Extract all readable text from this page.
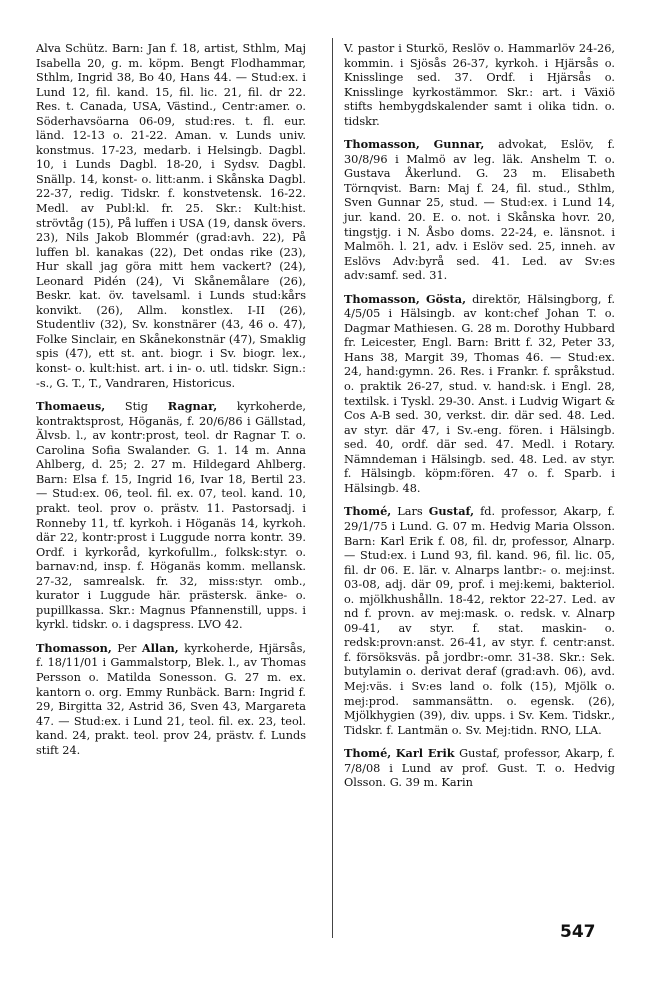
Alva Schütz. Barn: Jan f. 18, artist, Sthlm, Maj Isabella 20, g. m. köpm. Bengt Flodhammar, Sthlm, Ingrid 38, Bo 40, Hans 44. — Stud:ex. i Lund 12, fil. kand. 15, fil. lic. 21, fil. dr 22. Res. t. Canada, USA, Västind., Centr:amer. o. Söderhavsöarna 06-09, stud:res. t. fl. eur. länd. 12-13 o. 21-22. Aman. v. Lunds univ. konstmus. 17-23, medarb. i Helsingb. Dagbl. 10, i Lunds Dagbl. 18-20, i Sydsv. Dagbl. Snällp. 14, konst- o. litt:anm. i Skånska Dagbl. 22-37, redig. Tidskr. f. konstvetensk. 16-22. Medl. av Publ:kl. fr. 25. Skr.: Kult:hist. strövtåg (15), På luffen i USA (19, dansk övers. 23), Nils Jakob Blommér (grad:avh. 22), På luffen bl. kanakas (22), Det ondas rike (23), Hur skall jag göra mitt hem vackert? (24), Leonard Pidén (24), Vi Skånemålare (26), Beskr. kat. öv. tavelsaml. i Lunds stud:kårs konvikt. (26), Allm. konstlex. I-II (26), Studentliv (32), Sv. konstnärer (43, 46 o. 47), Folke Sinclair, en Skånekonstnär (47), Smaklig spis (47), ett st. ant. biogr. i Sv. biogr. lex., konst- o. kult:hist. art. i in- o. utl. tidskr. Sign.: -s., G. T., T., Vandraren, Historicus.

Thomaeus, Stig Ragnar, kyrkoherde, kontraktsprost, Höganäs, f. 20/6/86 i Gällstad, Älvsb. l., av kontr:prost, teol. dr Ragnar T. o. Carolina Sofia Swalander. G. 1. 14 m. Anna Ahlberg, d. 25; 2. 27 m. Hildegard Ahlberg. Barn: Elsa f. 15, Ingrid 16, Ivar 18, Bertil 23. — Stud:ex. 06, teol. fil. ex. 07, teol. kand. 10, prakt. teol. prov o. prästv. 11. Pastorsadj. i Ronneby 11, tf. kyrkoh. i Höganäs 14, kyrkoh. där 22, kontr:prost i Luggude norra kontr. 39. Ordf. i kyrkoråd, kyrkofullm., folksk:styr. o. barnav:nd, insp. f. Höganäs komm. mellansk. 27-32, samrealsk. fr. 32, miss:styr. omb., kurator i Luggude här. prästersk. änke- o. pupillkassa. Skr.: Magnus Pfannenstill, upps. i kyrkl. tidskr. o. i dagspress. LVO 42.

Thomasson, Per Allan, kyrkoherde, Hjärsås, f. 18/11/01 i Gammalstorp, Blek. l., av Thomas Persson o. Matilda Sonesson. G. 27 m. ex. kantorn o. org. Emmy Runbäck. Barn: Ingrid f. 29, Birgitta 32, Astrid 36, Sven 43, Margareta 47. — Stud:ex. i Lund 21, teol. fil. ex. 23, teol. kand. 24, prakt. teol. prov 24, prästv. f. Lunds stift 24.

V. pastor i Sturkö, Reslöv o. Hammarlöv 24-26, kommin. i Sjösås 26-37, kyrkoh. i Hjärsås o. Knisslinge sed. 37. Ordf. i Hjärsås o. Knisslinge kyrkostämmor. Skr.: art. i Växiö stifts hembygdskalender samt i olika tidn. o. tidskr.

Thomasson, Gunnar, advokat, Eslöv, f. 30/8/96 i Malmö av leg. läk. Anshelm T. o. Gustava Åkerlund. G. 23 m. Elisabeth Törnqvist. Barn: Maj f. 24, fil. stud., Sthlm, Sven Gunnar 25, stud. — Stud:ex. i Lund 14, jur. kand. 20. E. o. not. i Skånska hovr. 20, tingstjg. i N. Åsbo doms. 22-24, e. länsnot. i Malmöh. l. 21, adv. i Eslöv sed. 25, inneh. av Eslövs Adv:byrå sed. 41. Led. av Sv:es adv:samf. sed. 31.

Thomasson, Gösta, direktör, Hälsingborg, f. 4/5/05 i Hälsingb. av kont:chef Johan T. o. Dagmar Mathiesen. G. 28 m. Dorothy Hubbard fr. Leicester, Engl. Barn: Britt f. 32, Peter 33, Hans 38, Margit 39, Thomas 46. — Stud:ex. 24, hand:gymn. 26. Res. i Frankr. f. språkstud. o. praktik 26-27, stud. v. hand:sk. i Engl. 28, textilsk. i Tyskl. 29-30. Anst. i Ludvig Wigart & Cos A-B sed. 30, verkst. dir. där sed. 48. Led. av styr. där 47, i Sv.-eng. fören. i Hälsingb. sed. 40, ordf. där sed. 47. Medl. i Rotary. Nämndeman i Hälsingb. sed. 48. Led. av styr. f. Hälsingb. köpm:fören. 47 o. f. Sparb. i Hälsingb. 48.

Thomé, Lars Gustaf, fd. professor, Akarp, f. 29/1/75 i Lund. G. 07 m. Hedvig Maria Olsson. Barn: Karl Erik f. 08, fil. dr, professor, Alnarp. — Stud:ex. i Lund 93, fil. kand. 96, fil. lic. 05, fil. dr 06. E. lär. v. Alnarps lantbr:- o. mej:inst. 03-08, adj. där 09, prof. i mej:kemi, bakteriol. o. mjölkhushålln. 18-42, rektor 22-27. Led. av nd f. provn. av mej:mask. o. redsk. v. Alnarp 09-41, av styr. f. stat. maskin- o. redsk:provn:anst. 26-41, av styr. f. centr:anst. f. försöksväs. på jordbr:-omr. 31-38. Skr.: Sek. butylamin o. derivat deraf (grad:avh. 06), avd. Mej:väs. i Sv:es land o. folk (15), Mjölk o. mej:prod. sammansättn. o. egensk. (26), Mjölkhygien (39), div. upps. i Sv. Kem. Tidskr., Tidskr. f. Lantmän o. Sv. Mej:tidn. RNO, LLA.

Thomé, Karl Erik Gustaf, professor, Akarp, f. 7/8/08 i Lund av prof. Gust. T. o. Hedvig Olsson. G. 39 m. Karin

547
